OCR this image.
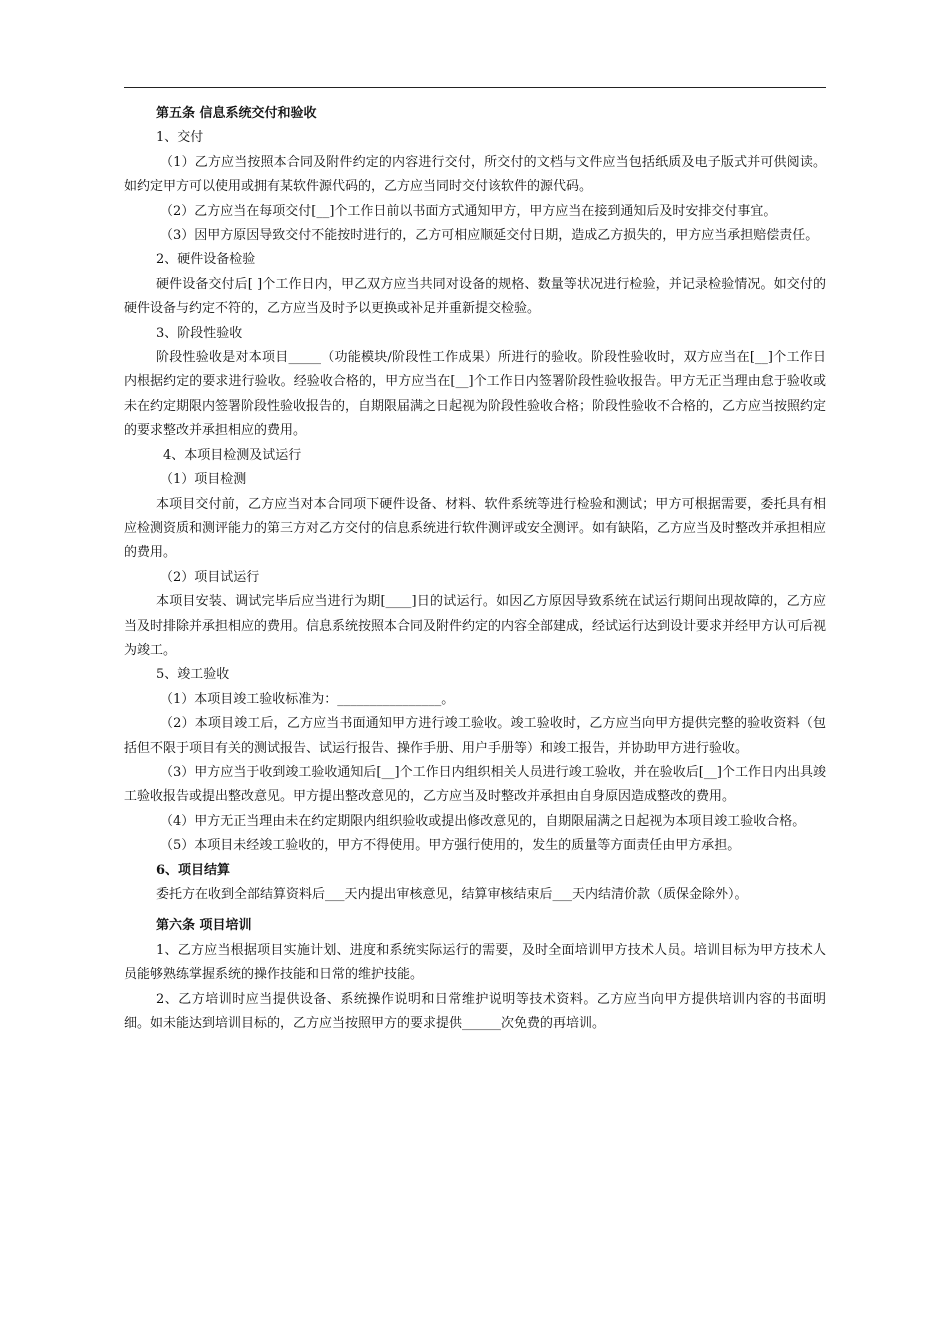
第五条 信息系统交付和验收

1、交付

（1）乙方应当按照本合同及附件约定的内容进行交付，所交付的文档与文件应当包括纸质及电子版式并可供阅读。如约定甲方可以使用或拥有某软件源代码的，乙方应当同时交付该软件的源代码。

（2）乙方应当在每项交付[__]个工作日前以书面方式通知甲方，甲方应当在接到通知后及时安排交付事宜。

（3）因甲方原因导致交付不能按时进行的，乙方可相应顺延交付日期，造成乙方损失的，甲方应当承担赔偿责任。

2、硬件设备检验

硬件设备交付后[ ]个工作日内，甲乙双方应当共同对设备的规格、数量等状况进行检验，并记录检验情况。如交付的硬件设备与约定不符的，乙方应当及时予以更换或补足并重新提交检验。

3、阶段性验收

阶段性验收是对本项目_____（功能模块/阶段性工作成果）所进行的验收。阶段性验收时，双方应当在[__]个工作日内根据约定的要求进行验收。经验收合格的，甲方应当在[__]个工作日内签署阶段性验收报告。甲方无正当理由怠于验收或未在约定期限内签署阶段性验收报告的，自期限届满之日起视为阶段性验收合格；阶段性验收不合格的，乙方应当按照约定的要求整改并承担相应的费用。

4、本项目检测及试运行

（1）项目检测

本项目交付前，乙方应当对本合同项下硬件设备、材料、软件系统等进行检验和测试；甲方可根据需要，委托具有相应检测资质和测评能力的第三方对乙方交付的信息系统进行软件测评或安全测评。如有缺陷，乙方应当及时整改并承担相应的费用。

（2）项目试运行

本项目安装、调试完毕后应当进行为期[____]日的试运行。如因乙方原因导致系统在试运行期间出现故障的，乙方应当及时排除并承担相应的费用。信息系统按照本合同及附件约定的内容全部建成，经试运行达到设计要求并经甲方认可后视为竣工。

5、竣工验收

（1）本项目竣工验收标准为：________________。

（2）本项目竣工后，乙方应当书面通知甲方进行竣工验收。竣工验收时，乙方应当向甲方提供完整的验收资料（包括但不限于项目有关的测试报告、试运行报告、操作手册、用户手册等）和竣工报告，并协助甲方进行验收。

（3）甲方应当于收到竣工验收通知后[__]个工作日内组织相关人员进行竣工验收，并在验收后[__]个工作日内出具竣工验收报告或提出整改意见。甲方提出整改意见的，乙方应当及时整改并承担由自身原因造成整改的费用。

（4）甲方无正当理由未在约定期限内组织验收或提出修改意见的，自期限届满之日起视为本项目竣工验收合格。

（5）本项目未经竣工验收的，甲方不得使用。甲方强行使用的，发生的质量等方面责任由甲方承担。

6、项目结算

委托方在收到全部结算资料后___天内提出审核意见，结算审核结束后___天内结清价款（质保金除外）。

第六条 项目培训

1、乙方应当根据项目实施计划、进度和系统实际运行的需要，及时全面培训甲方技术人员。培训目标为甲方技术人员能够熟练掌握系统的操作技能和日常的维护技能。

2、乙方培训时应当提供设备、系统操作说明和日常维护说明等技术资料。乙方应当向甲方提供培训内容的书面明细。如未能达到培训目标的，乙方应当按照甲方的要求提供______次免费的再培训。
